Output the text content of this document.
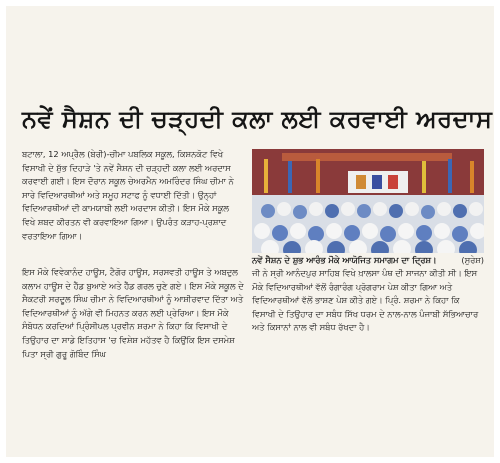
ਨਵੇਂ ਸੈਸ਼ਨ ਦੀ ਚੜ੍ਹਦੀ ਕਲਾ ਲਈ ਕਰਵਾਈ ਅਰਦਾਸ

ਬਟਾਲਾ, 12 ਅਪ੍ਰੈਲ (ਬੇਰੀ)-ਚੀਮਾ ਪਬਲਿਕ ਸਕੂਲ, ਕਿਸ਼ਨਕੋਟ ਵਿਖੇ ਵਿਸਾਖੀ ਦੇ ਸ਼ੁੱਭ ਦਿਹਾੜੇ 'ਤੇ ਨਵੇਂ ਸੈਸ਼ਨ ਦੀ ਚੜ੍ਹਦੀ ਕਲਾ ਲਈ ਅਰਦਾਸ ਕਰਵਾਈ ਗਈ। ਇਸ ਦੌਰਾਨ ਸਕੂਲ ਚੇਅਰਮੈਨ ਅਮਰਿੰਦਰ ਸਿੰਘ ਚੀਮਾ ਨੇ ਸਾਰੇ ਵਿਦਿਆਰਥੀਆਂ ਅਤੇ ਸਮੂਹ ਸਟਾਫ ਨੂੰ ਵਧਾਈ ਦਿੱਤੀ। ਉਨ੍ਹਾਂ ਵਿਦਿਆਰਥੀਆਂ ਦੀ ਕਾਮਯਾਬੀ ਲਈ ਅਰਦਾਸ ਕੀਤੀ। ਇਸ ਮੌਕੇ ਸਕੂਲ ਵਿਖੇ ਸ਼ਬਦ ਕੀਰਤਨ ਵੀ ਕਰਵਾਇਆ ਗਿਆ। ਉਪਰੰਤ ਕੜਾਹ-ਪ੍ਰਸ਼ਾਦ ਵਰਤਾਇਆ ਗਿਆ।

ਇਸ ਮੌਕੇ ਵਿਵੇਕਾਨੰਦ ਹਾਊਸ, ਟੈਗੋਰ ਹਾਊਸ, ਸਰਸਵਤੀ ਹਾਊਸ ਤੇ ਅਬਦੁਲ ਕਲਾਮ ਹਾਊਸ ਦੇ ਹੈੱਡ ਬੁਆਏ ਅਤੇ ਹੈੱਡ ਗਰਲ ਚੁਣੇ ਗਏ। ਇਸ ਮੌਕੇ ਸਕੂਲ ਦੇ ਸੈਕਟਰੀ ਸਰਦੂਲ ਸਿੰਘ ਚੀਮਾ ਨੇ ਵਿਦਿਆਰਥੀਆਂ ਨੂੰ ਆਸ਼ੀਰਵਾਦ ਦਿੱਤਾ ਅਤੇ ਵਿਦਿਆਰਥੀਆਂ ਨੂੰ ਅੱਗੇ ਵੀ ਮਿਹਨਤ ਕਰਨ ਲਈ ਪ੍ਰੇਰਿਆ। ਇਸ ਮੌਕੇ ਸੰਬੋਧਨ ਕਰਦਿਆਂ ਪ੍ਰਿੰਸੀਪਲ ਪ੍ਰਵੀਨ ਸ਼ਰਮਾ ਨੇ ਕਿਹਾ ਕਿ ਵਿਸਾਖੀ ਦੇ ਤਿਉਹਾਰ ਦਾ ਸਾਡੇ ਇਤਿਹਾਸ 'ਚ ਵਿਸ਼ੇਸ਼ ਮਹੱਤਵ ਹੈ ਕਿਉਂਕਿ ਇਸ ਦਸਮੇਸ਼ ਪਿਤਾ ਸ੍ਰੀ ਗੁਰੂ ਗੋਬਿੰਦ ਸਿੰਘ

ਨਵੇਂ ਸੈਸ਼ਨ ਦੇ ਸ਼ੁਭ ਆਰੰਭ ਮੌਕੇ ਆਯੋਜਿਤ ਸਮਾਗਮ ਦਾ ਦ੍ਰਿਸ਼।	(ਸੁਰੇਸ਼)

ਜੀ ਨੇ ਸ੍ਰੀ ਆਨੰਦਪੁਰ ਸਾਹਿਬ ਵਿਖੇ ਖ਼ਾਲਸਾ ਪੰਥ ਦੀ ਸਾਜਨਾ ਕੀਤੀ ਸੀ। ਇਸ ਮੌਕੇ ਵਿਦਿਆਰਥੀਆਂ ਵੱਲੋਂ ਰੰਗਾਰੰਗ ਪ੍ਰੋਗਰਾਮ ਪੇਸ਼ ਕੀਤਾ ਗਿਆ ਅਤੇ ਵਿਦਿਆਰਥੀਆਂ ਵੱਲੋਂ ਭਾਸ਼ਣ ਪੇਸ਼ ਕੀਤੇ ਗਏ। ਪ੍ਰਿੰ. ਸ਼ਰਮਾ ਨੇ ਕਿਹਾ ਕਿ ਵਿਸਾਖੀ ਦੇ ਤਿਉਹਾਰ ਦਾ ਸਬੰਧ ਸਿੱਖ ਧਰਮ ਦੇ ਨਾਲ-ਨਾਲ ਪੰਜਾਬੀ ਸੱਭਿਆਚਾਰ ਅਤੇ ਕਿਸਾਨਾਂ ਨਾਲ ਵੀ ਸਬੰਧ ਰੱਖਦਾ ਹੈ।
